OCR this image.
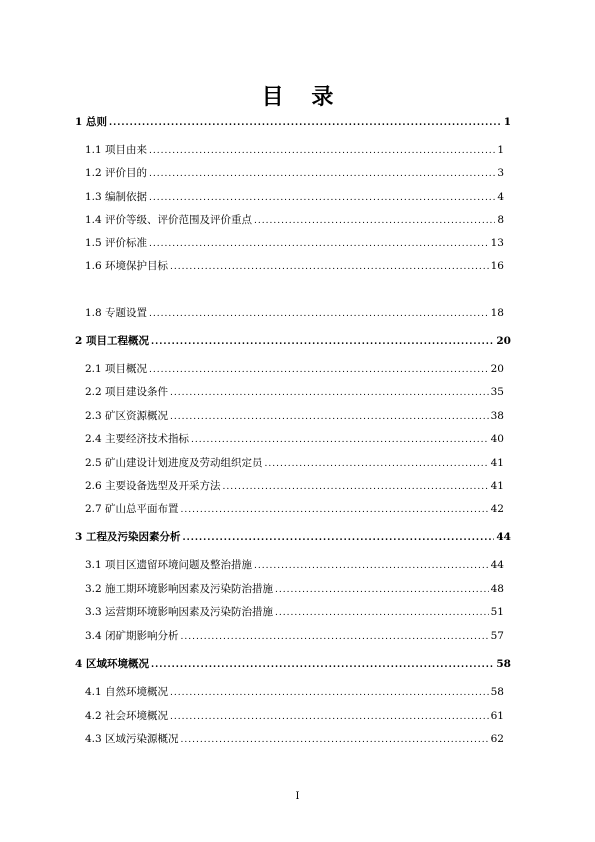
目 录
1 总则 .....	1
1.1 项目由来 .....	1
1.2 评价目的 .....	3
1.3 编制依据 .....	4
1.4 评价等级、评价范围及评价重点 .....	8
1.5 评价标准 .....	13
1.6 环境保护目标 .....	16
1.8 专题设置 .....	18
2 项目工程概况 .....	20
2.1 项目概况 .....	20
2.2 项目建设条件 .....	35
2.3 矿区资源概况 .....	38
2.4 主要经济技术指标 .....	40
2.5 矿山建设计划进度及劳动组织定员 .....	41
2.6 主要设备选型及开采方法 .....	41
2.7 矿山总平面布置 .....	42
3 工程及污染因素分析 .....	44
3.1 项目区遗留环境问题及整治措施 .....	44
3.2 施工期环境影响因素及污染防治措施 .....	48
3.3 运营期环境影响因素及污染防治措施 .....	51
3.4 闭矿期影响分析 .....	57
4 区域环境概况 .....	58
4.1 自然环境概况 .....	58
4.2 社会环境概况 .....	61
4.3 区域污染源概况 .....	62
I
